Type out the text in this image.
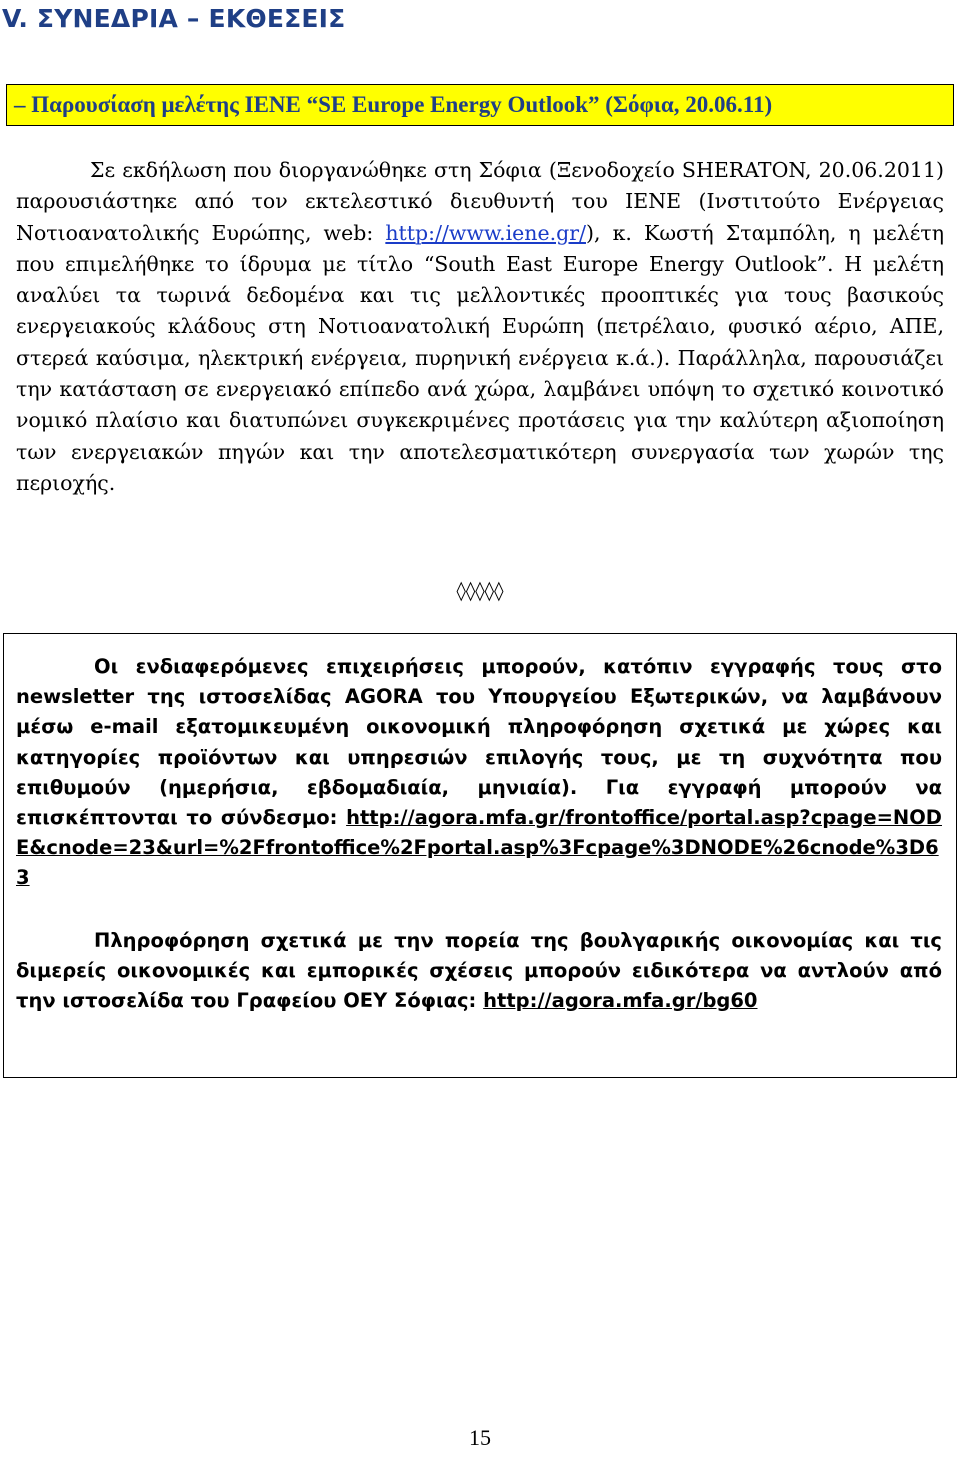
V. ΣΥΝΕΔΡΙΑ – ΕΚΘΕΣΕΙΣ
– Παρουσίαση μελέτης ΙΕΝΕ “SE Europe Energy Outlook” (Σόφια, 20.06.11)

Σε εκδήλωση που διοργανώθηκε στη Σόφια (Ξενοδοχείο SHERATON, 20.06.2011) παρουσιάστηκε από τον εκτελεστικό διευθυντή του ΙΕΝΕ (Ινστιτούτο Ενέργειας Νοτιοανατολικής Ευρώπης, web: http://www.iene.gr/), κ. Κωστή Σταμπόλη, η μελέτη που επιμελήθηκε το ίδρυμα με τίτλο “South East Europe Energy Outlook”. Η μελέτη αναλύει τα τωρινά δεδομένα και τις μελλοντικές προοπτικές για τους βασικούς ενεργειακούς κλάδους στη Νοτιοανατολική Ευρώπη (πετρέλαιο, φυσικό αέριο, ΑΠΕ, στερεά καύσιμα, ηλεκτρική ενέργεια, πυρηνική ενέργεια κ.ά.). Παράλληλα, παρουσιάζει την κατάσταση σε ενεργειακό επίπεδο ανά χώρα, λαμβάνει υπόψη το σχετικό κοινοτικό νομικό πλαίσιο και διατυπώνει συγκεκριμένες προτάσεις για την καλύτερη αξιοποίηση των ενεργειακών πηγών και την αποτελεσματικότερη συνεργασία των χωρών της περιοχής.

◊◊◊◊◊

Οι ενδιαφερόμενες επιχειρήσεις μπορούν, κατόπιν εγγραφής τους στο newsletter της ιστοσελίδας AGORA του Υπουργείου Εξωτερικών, να λαμβάνουν μέσω e-mail εξατομικευμένη οικονομική πληροφόρηση σχετικά με χώρες και κατηγορίες προϊόντων και υπηρεσιών επιλογής τους, με τη συχνότητα που επιθυμούν (ημερήσια, εβδομαδιαία, μηνιαία). Για εγγραφή μπορούν να επισκέπτονται το σύνδεσμο: http://agora.mfa.gr/frontoffice/portal.asp?cpage=NODE&cnode=23&url=%2Ffrontoffice%2Fportal.asp%3Fcpage%3DNODE%26cnode%3D63

Πληροφόρηση σχετικά με την πορεία της βουλγαρικής οικονομίας και τις διμερείς οικονομικές και εμπορικές σχέσεις μπορούν ειδικότερα να αντλούν από την ιστοσελίδα του Γραφείου ΟΕΥ Σόφιας: http://agora.mfa.gr/bg60

15
